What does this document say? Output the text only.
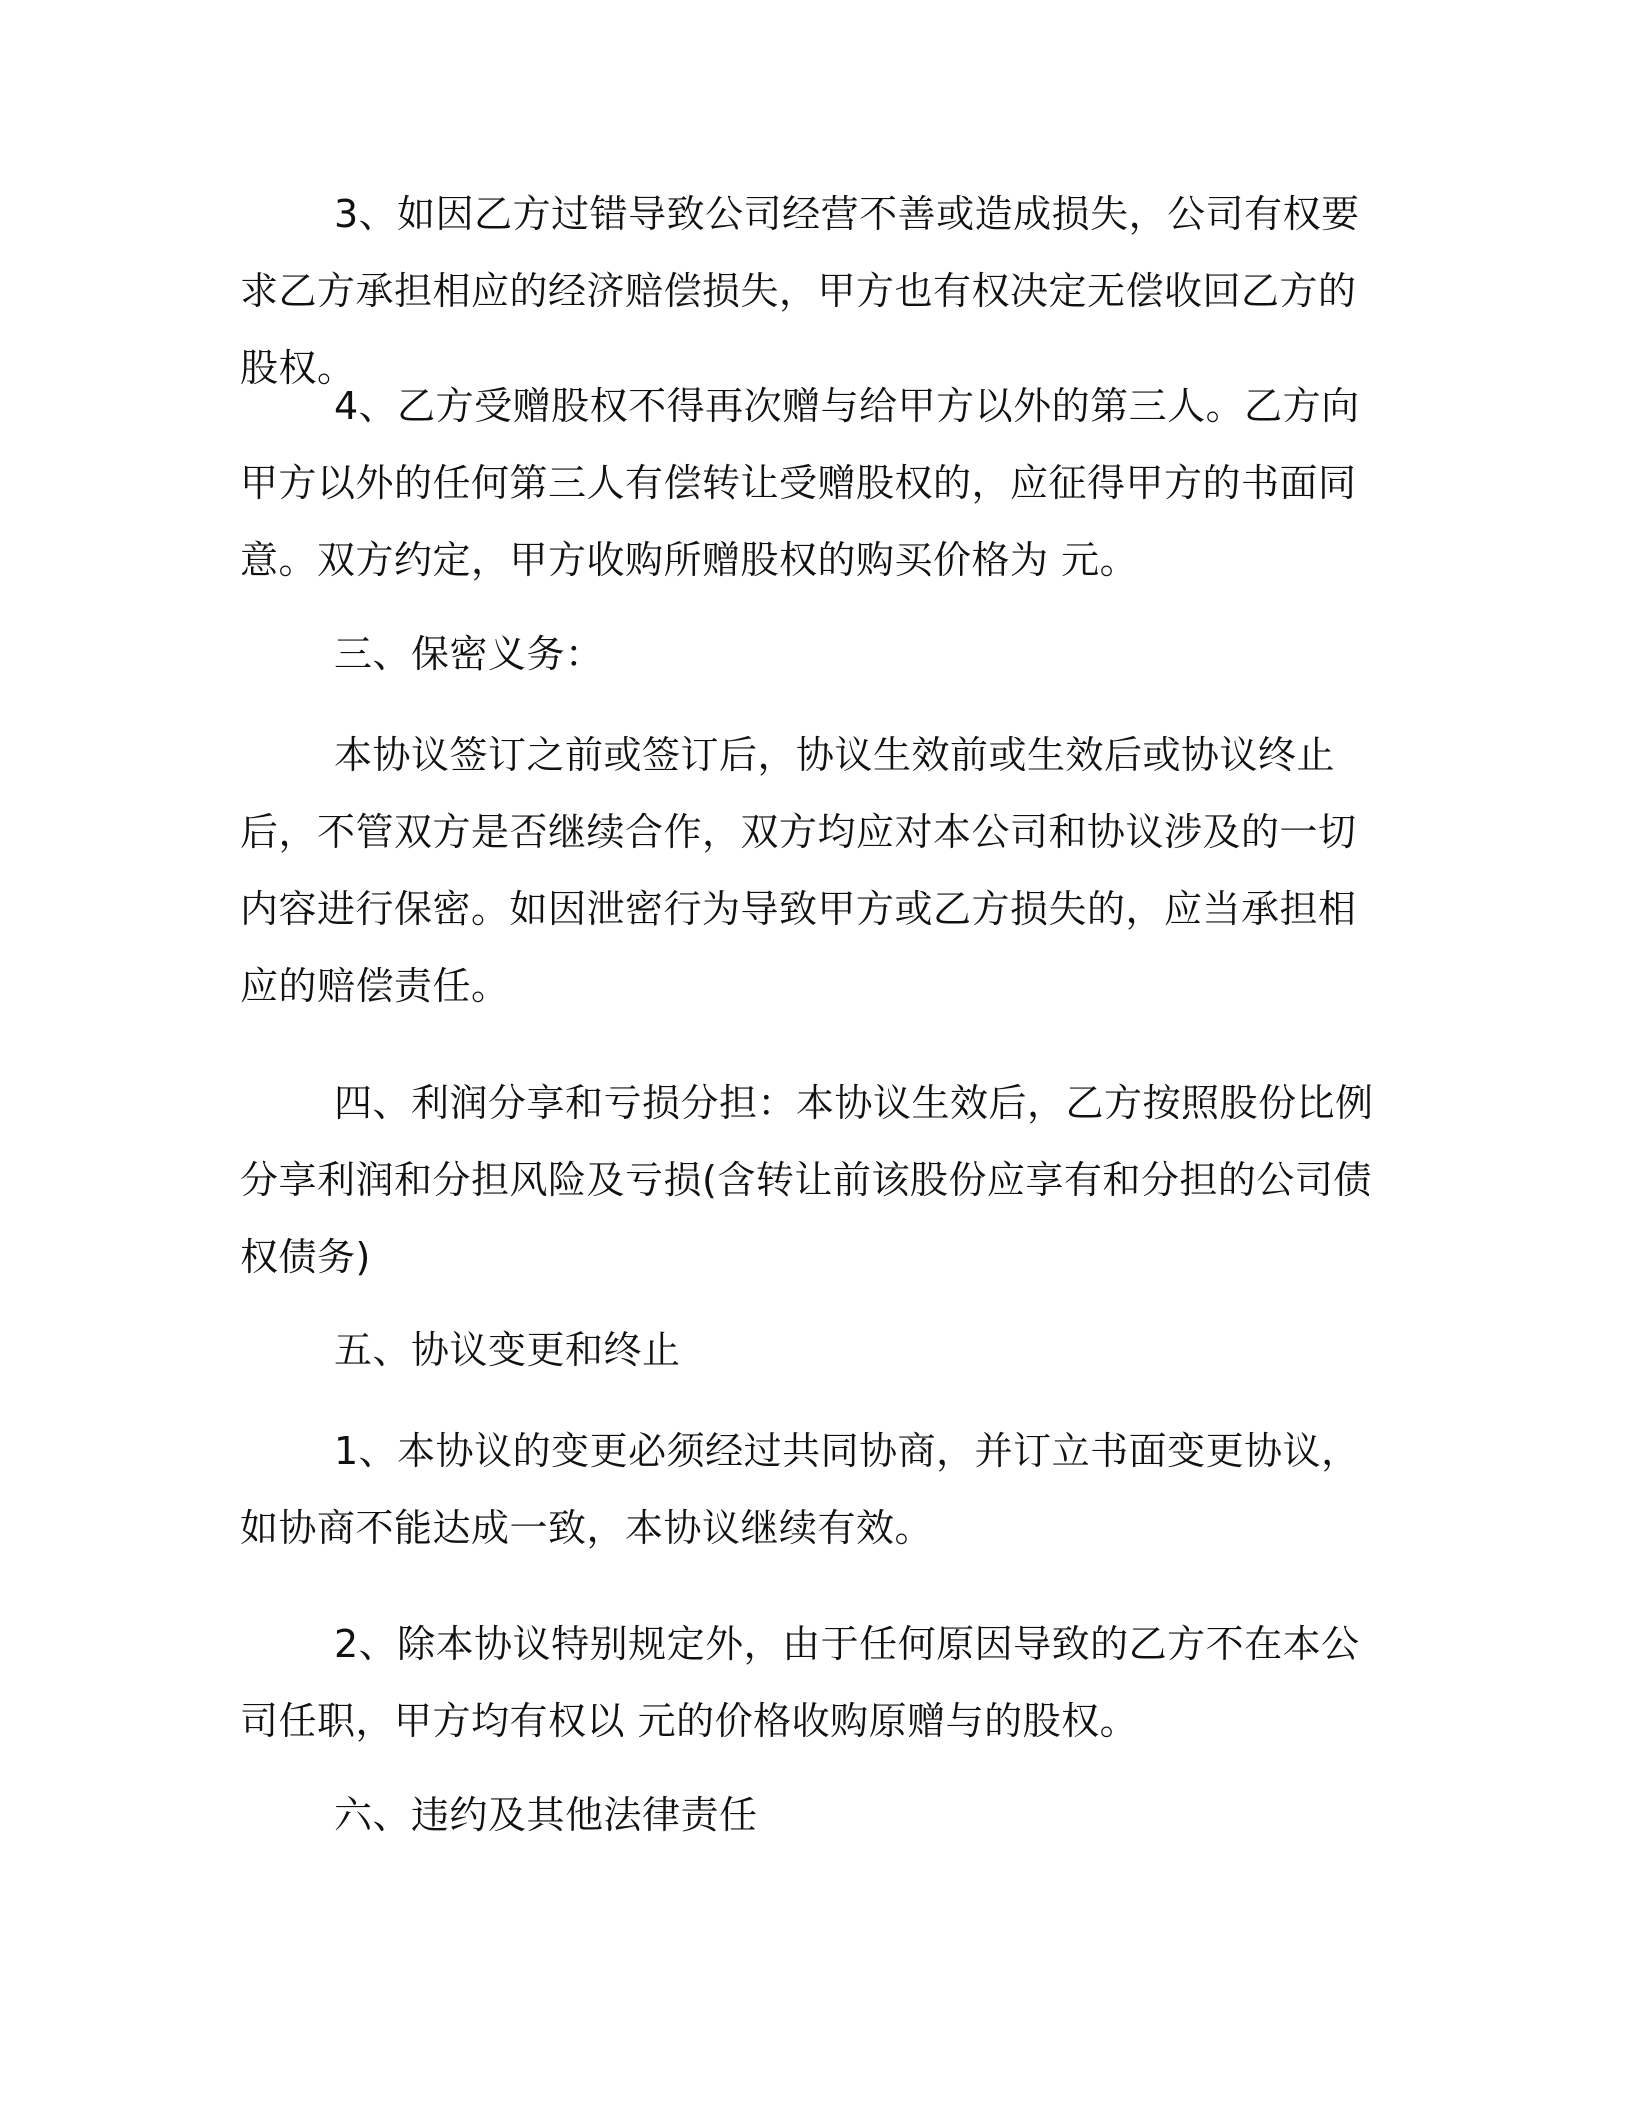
3、如因乙方过错导致公司经营不善或造成损失，公司有权要求乙方承担相应的经济赔偿损失，甲方也有权决定无偿收回乙方的股权。

4、乙方受赠股权不得再次赠与给甲方以外的第三人。乙方向甲方以外的任何第三人有偿转让受赠股权的，应征得甲方的书面同意。双方约定，甲方收购所赠股权的购买价格为 元。

三、保密义务：

本协议签订之前或签订后，协议生效前或生效后或协议终止后，不管双方是否继续合作，双方均应对本公司和协议涉及的一切内容进行保密。如因泄密行为导致甲方或乙方损失的，应当承担相应的赔偿责任。

四、利润分享和亏损分担：本协议生效后，乙方按照股份比例分享利润和分担风险及亏损(含转让前该股份应享有和分担的公司债权债务)

五、协议变更和终止

1、本协议的变更必须经过共同协商，并订立书面变更协议，如协商不能达成一致，本协议继续有效。

2、除本协议特别规定外，由于任何原因导致的乙方不在本公司任职，甲方均有权以 元的价格收购原赠与的股权。

六、违约及其他法律责任
